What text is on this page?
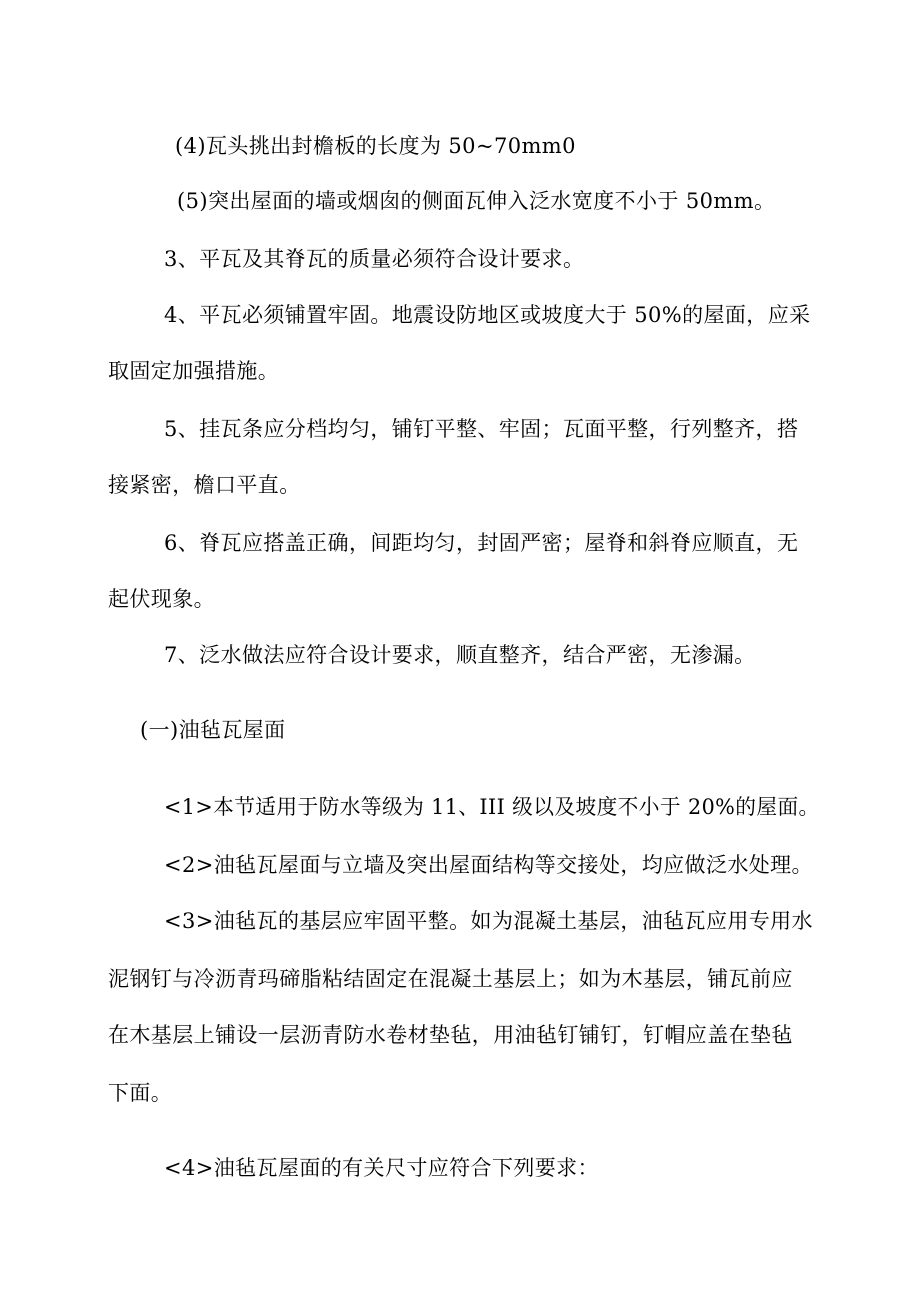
(4)瓦头挑出封檐板的长度为 50~70mm0
(5)突出屋面的墙或烟囱的侧面瓦伸入泛水宽度不小于 50mm。
3、平瓦及其脊瓦的质量必须符合设计要求。
4、平瓦必须铺置牢固。地震设防地区或坡度大于 50%的屋面，应采
取固定加强措施。
5、挂瓦条应分档均匀，铺钉平整、牢固；瓦面平整，行列整齐，搭
接紧密，檐口平直。
6、脊瓦应搭盖正确，间距均匀，封固严密；屋脊和斜脊应顺直，无
起伏现象。
7、泛水做法应符合设计要求，顺直整齐，结合严密，无渗漏。
(一)油毡瓦屋面
<1>本节适用于防水等级为 11、III 级以及坡度不小于 20%的屋面。
<2>油毡瓦屋面与立墙及突出屋面结构等交接处，均应做泛水处理。
<3>油毡瓦的基层应牢固平整。如为混凝土基层，油毡瓦应用专用水
泥钢钉与冷沥青玛碲脂粘结固定在混凝土基层上；如为木基层，铺瓦前应
在木基层上铺设一层沥青防水卷材垫毡，用油毡钉铺钉，钉帽应盖在垫毡
下面。
<4>油毡瓦屋面的有关尺寸应符合下列要求：
